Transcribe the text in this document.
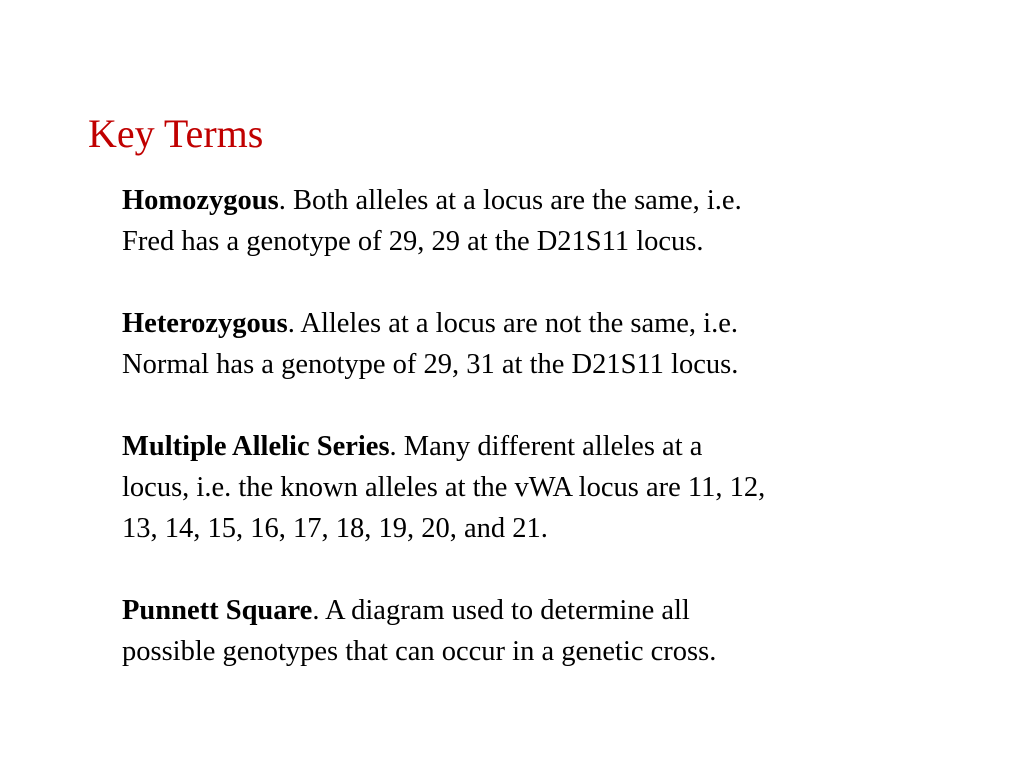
Key Terms

Homozygous. Both alleles at a locus are the same, i.e.
Fred has a genotype of 29, 29 at the D21S11 locus.

Heterozygous. Alleles at a locus are not the same, i.e.
Normal has a genotype of 29, 31 at the D21S11 locus.

Multiple Allelic Series. Many different alleles at a
locus, i.e. the known alleles at the vWA locus are 11, 12,
13, 14, 15, 16, 17, 18, 19, 20, and 21.

Punnett Square. A diagram used to determine all
possible genotypes that can occur in a genetic cross.
